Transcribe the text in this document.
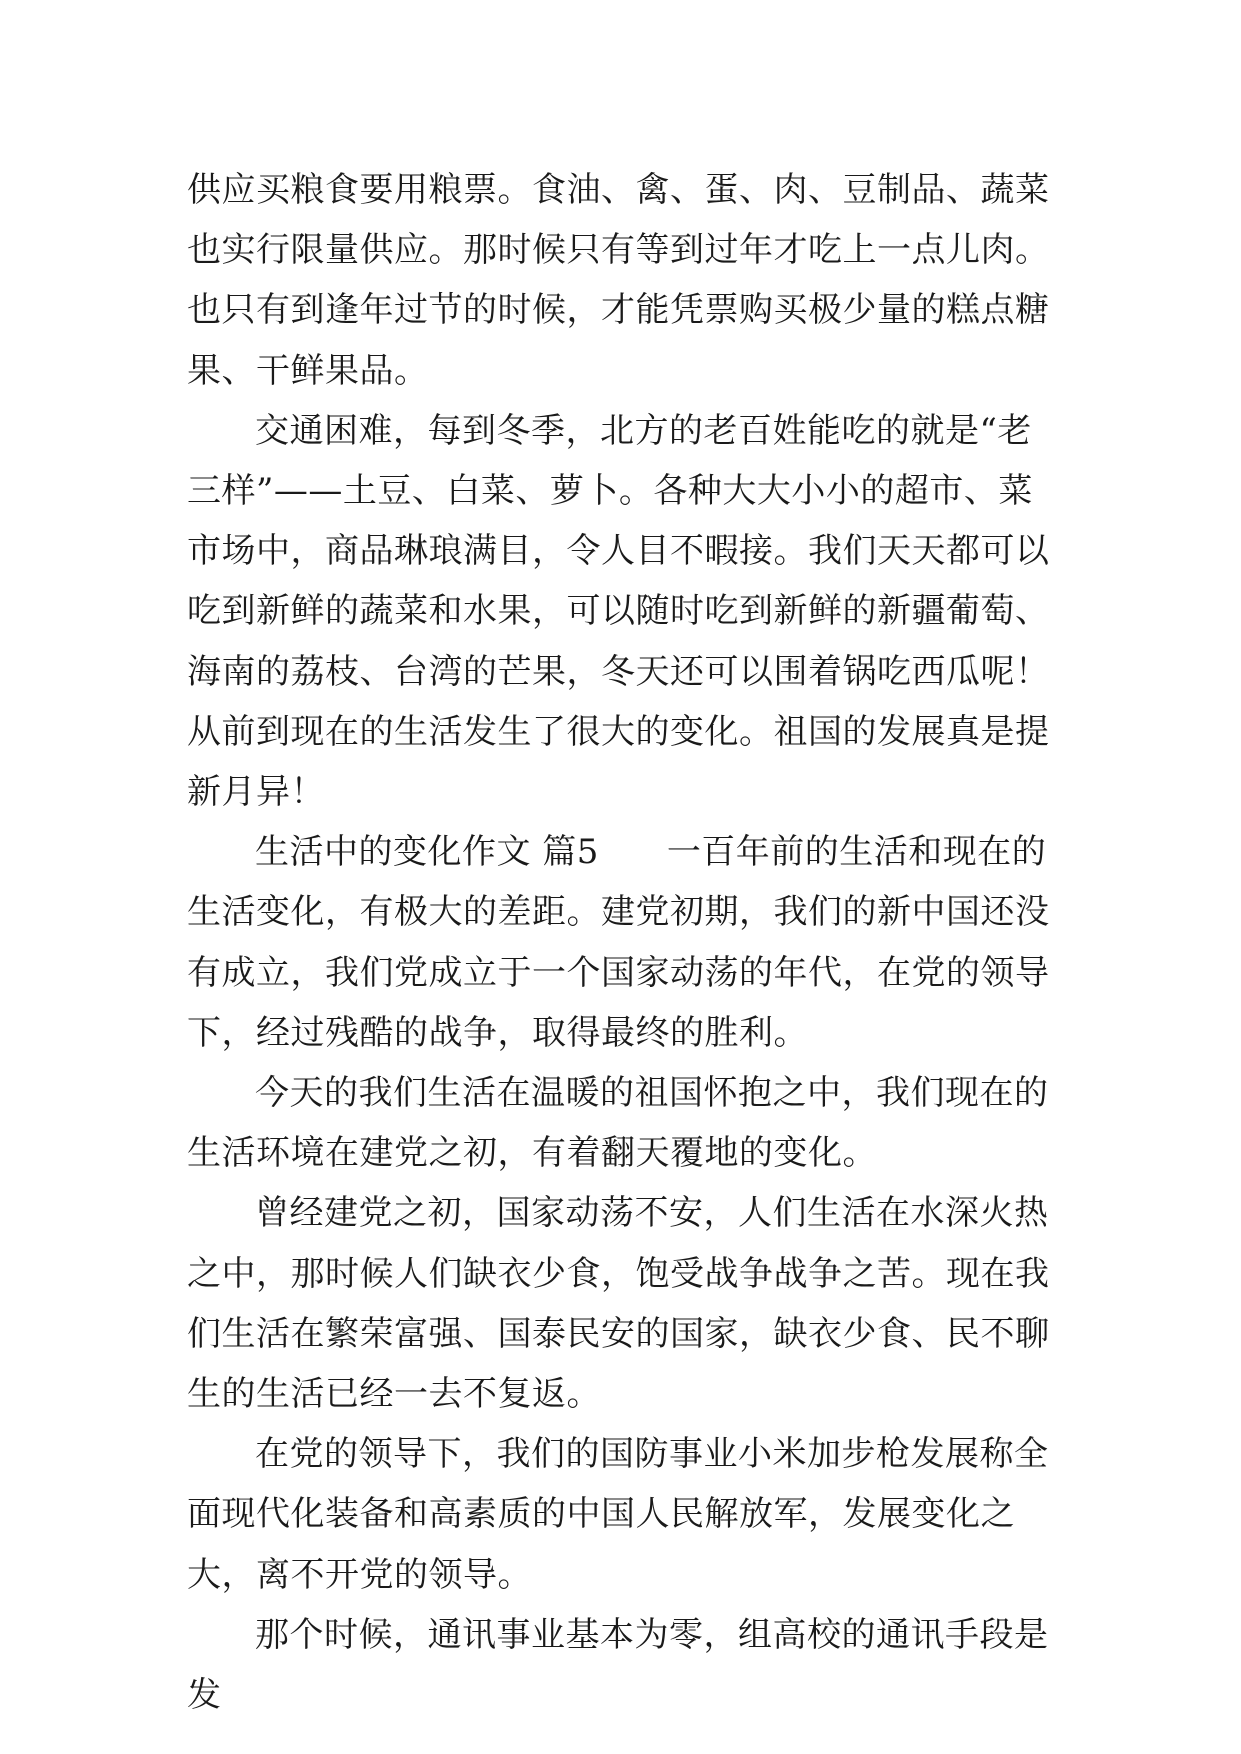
供应买粮食要用粮票。食油、禽、蛋、肉、豆制品、蔬菜也实行限量供应。那时候只有等到过年才吃上一点儿肉。也只有到逢年过节的时候，才能凭票购买极少量的糕点糖果、干鲜果品。

交通困难，每到冬季，北方的老百姓能吃的就是“老三样”——土豆、白菜、萝卜。各种大大小小的超市、菜市场中，商品琳琅满目，令人目不暇接。我们天天都可以吃到新鲜的蔬菜和水果，可以随时吃到新鲜的新疆葡萄、海南的荔枝、台湾的芒果，冬天还可以围着锅吃西瓜呢！从前到现在的生活发生了很大的变化。祖国的发展真是提新月异！

生活中的变化作文 篇5 一百年前的生活和现在的生活变化，有极大的差距。建党初期，我们的新中国还没有成立，我们党成立于一个国家动荡的年代，在党的领导下，经过残酷的战争，取得最终的胜利。

今天的我们生活在温暖的祖国怀抱之中，我们现在的生活环境在建党之初，有着翻天覆地的变化。

曾经建党之初，国家动荡不安，人们生活在水深火热之中，那时候人们缺衣少食，饱受战争战争之苦。现在我们生活在繁荣富强、国泰民安的国家，缺衣少食、民不聊生的生活已经一去不复返。

在党的领导下，我们的国防事业小米加步枪发展称全面现代化装备和高素质的中国人民解放军，发展变化之大，离不开党的领导。

那个时候，通讯事业基本为零，组高校的通讯手段是发
